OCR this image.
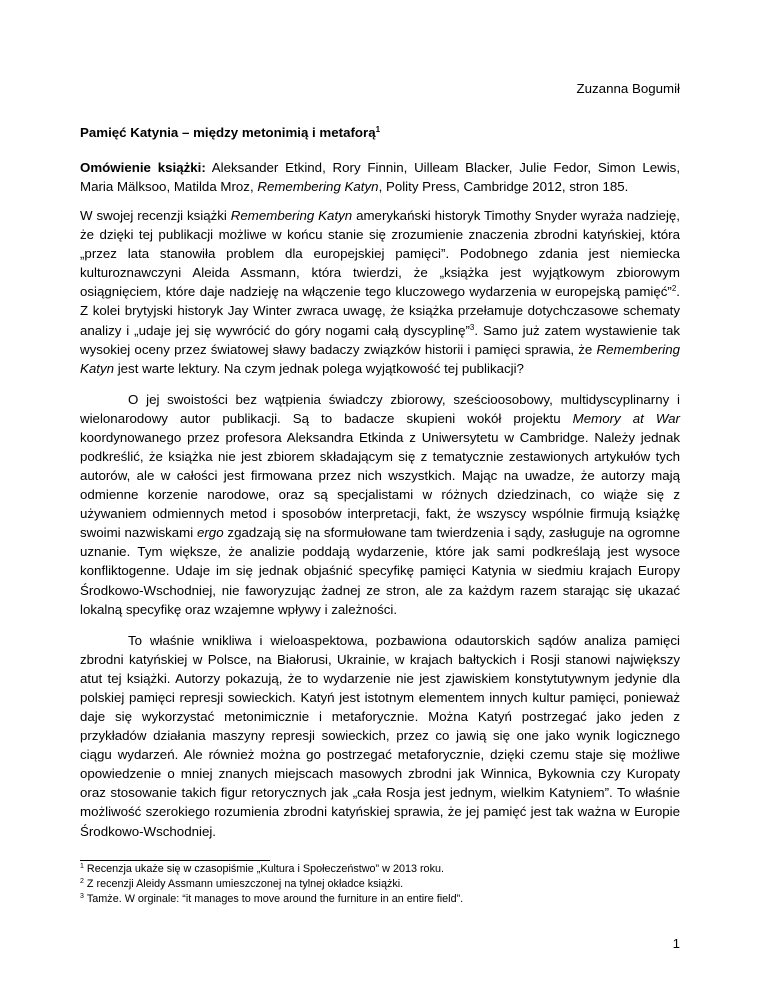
Zuzanna Bogumił
Pamięć Katynia – między metonimią i metaforą$^1$
Omówienie książki: Aleksander Etkind, Rory Finnin, Uilleam Blacker, Julie Fedor, Simon Lewis, Maria Mälksoo, Matilda Mroz, Remembering Katyn, Polity Press, Cambridge 2012, stron 185.

W swojej recenzji książki Remembering Katyn amerykański historyk Timothy Snyder wyraża nadzieję, że dzięki tej publikacji możliwe w końcu stanie się zrozumienie znaczenia zbrodni katyńskiej, która „przez lata stanowiła problem dla europejskiej pamięci”. Podobnego zdania jest niemiecka kulturoznawczyni Aleida Assmann, która twierdzi, że „książka jest wyjątkowym zbiorowym osiągnięciem, które daje nadzieję na włączenie tego kluczowego wydarzenia w europejską pamięć”$^2$. Z kolei brytyjski historyk Jay Winter zwraca uwagę, że książka przełamuje dotychczasowe schematy analizy i „udaje jej się wywrócić do góry nogami całą dyscyplinę”$^3$. Samo już zatem wystawienie tak wysokiej oceny przez światowej sławy badaczy związków historii i pamięci sprawia, że Remembering Katyn jest warte lektury. Na czym jednak polega wyjątkowość tej publikacji?

O jej swoistości bez wątpienia świadczy zbiorowy, sześcioosobowy, multidyscyplinarny i wielonarodowy autor publikacji. Są to badacze skupieni wokół projektu Memory at War koordynowanego przez profesora Aleksandra Etkinda z Uniwersytetu w Cambridge. Należy jednak podkreślić, że książka nie jest zbiorem składającym się z tematycznie zestawionych artykułów tych autorów, ale w całości jest firmowana przez nich wszystkich. Mając na uwadze, że autorzy mają odmienne korzenie narodowe, oraz są specjalistami w różnych dziedzinach, co wiąże się z używaniem odmiennych metod i sposobów interpretacji, fakt, że wszyscy wspólnie firmują książkę swoimi nazwiskami ergo zgadzają się na sformułowane tam twierdzenia i sądy, zasługuje na ogromne uznanie. Tym większe, że analizie poddają wydarzenie, które jak sami podkreślają jest wysoce konfliktogenne. Udaje im się jednak objaśnić specyfikę pamięci Katynia w siedmiu krajach Europy Środkowo-Wschodniej, nie faworyzując żadnej ze stron, ale za każdym razem starając się ukazać lokalną specyfikę oraz wzajemne wpływy i zależności.

To właśnie wnikliwa i wieloaspektowa, pozbawiona odautorskich sądów analiza pamięci zbrodni katyńskiej w Polsce, na Białorusi, Ukrainie, w krajach bałtyckich i Rosji stanowi największy atut tej książki. Autorzy pokazują, że to wydarzenie nie jest zjawiskiem konstytutywnym jedynie dla polskiej pamięci represji sowieckich. Katyń jest istotnym elementem innych kultur pamięci, ponieważ daje się wykorzystać metonimicznie i metaforycznie. Można Katyń postrzegać jako jeden z przykładów działania maszyny represji sowieckich, przez co jawią się one jako wynik logicznego ciągu wydarzeń. Ale również można go postrzegać metaforycznie, dzięki czemu staje się możliwe opowiedzenie o mniej znanych miejscach masowych zbrodni jak Winnica, Bykownia czy Kuropaty oraz stosowanie takich figur retorycznych jak „cała Rosja jest jednym, wielkim Katyniem”. To właśnie możliwość szerokiego rozumienia zbrodni katyńskiej sprawia, że jej pamięć jest tak ważna w Europie Środkowo-Wschodniej.

$^1$ Recenzja ukaże się w czasopiśmie „Kultura i Społeczeństwo” w 2013 roku.
$^2$ Z recenzji Aleidy Assmann umieszczonej na tylnej okładce książki.
$^3$ Tamże. W orginale: “it manages to move around the furniture in an entire field”.
1
